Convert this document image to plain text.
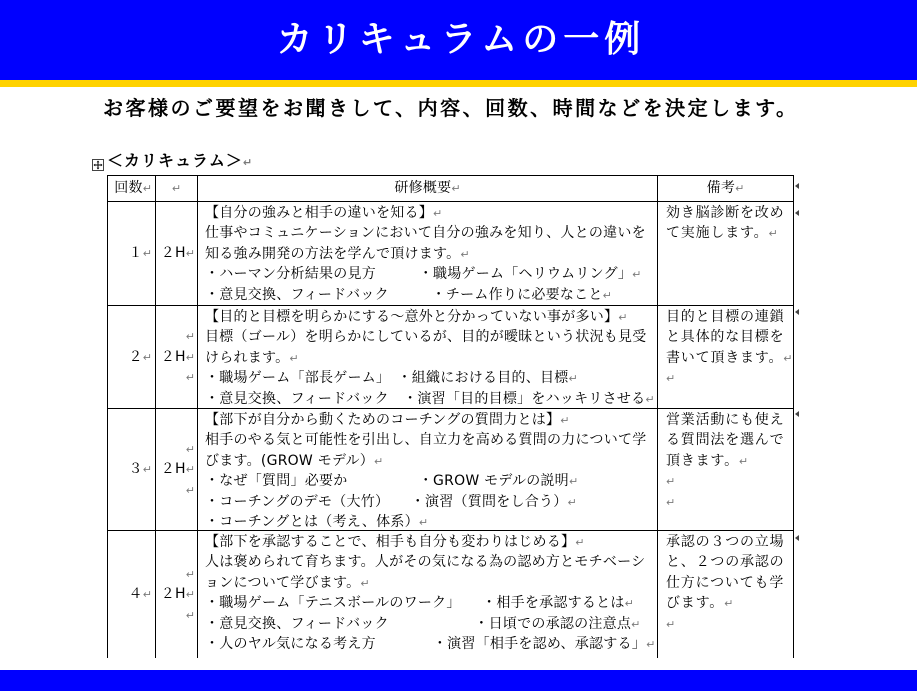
カリキュラムの一例
お客様のご要望をお聞きして、内容、回数、時間などを決定します。
＜カリキュラム＞↵
回数↵ ↵	研修概要↵	備考↵
１↵ ２H↵
【自分の強みと相手の違いを知る】↵
仕事やコミュニケーションにおいて自分の強みを知り、人との違いを
知る強み開発の方法を学んで頂けます。↵
・ハーマン分析結果の見方　　　・職場ゲーム「ヘリウムリング」↵
・意見交換、フィードバック　　　・チーム作りに必要なこと↵
効き脳診断を改め
て実施します。↵
２↵
↵
２H↵
↵
【目的と目標を明らかにする〜意外と分かっていない事が多い】↵
目標（ゴール）を明らかにしているが、目的が曖昧という状況も見受
けられます。↵
・職場ゲーム「部長ゲーム」　・組織における目的、目標↵
・意見交換、フィードバック　・演習「目的目標」をハッキリさせる↵
目的と目標の連鎖
と具体的な目標を
書いて頂きます。↵
↵
３↵
↵
２H↵
↵
【部下が自分から動くためのコーチングの質問力とは】↵
相手のやる気と可能性を引出し、自立力を高める質問の力について学
びます。(GROW モデル）↵
・なぜ「質問」必要か　　　　　・GROW モデルの説明↵
・コーチングのデモ（大竹）　　・演習（質問をし合う）↵
・コーチングとは（考え、体系）↵
営業活動にも使え
る質問法を選んで
頂きます。↵
↵
↵
４↵
↵
２H↵
↵
【部下を承認することで、相手も自分も変わりはじめる】↵
人は褒められて育ちます。人がその気になる為の認め方とモチベーシ
ョンについて学びます。↵
・職場ゲーム「テニスボールのワーク」　　・相手を承認するとは↵
・意見交換、フィードバック　　　　　　・日頃での承認の注意点↵
・人のヤル気になる考え方　　　　・演習「相手を認め、承認する」↵
承認の３つの立場
と、２つの承認の
仕方についても学
びます。↵
↵
